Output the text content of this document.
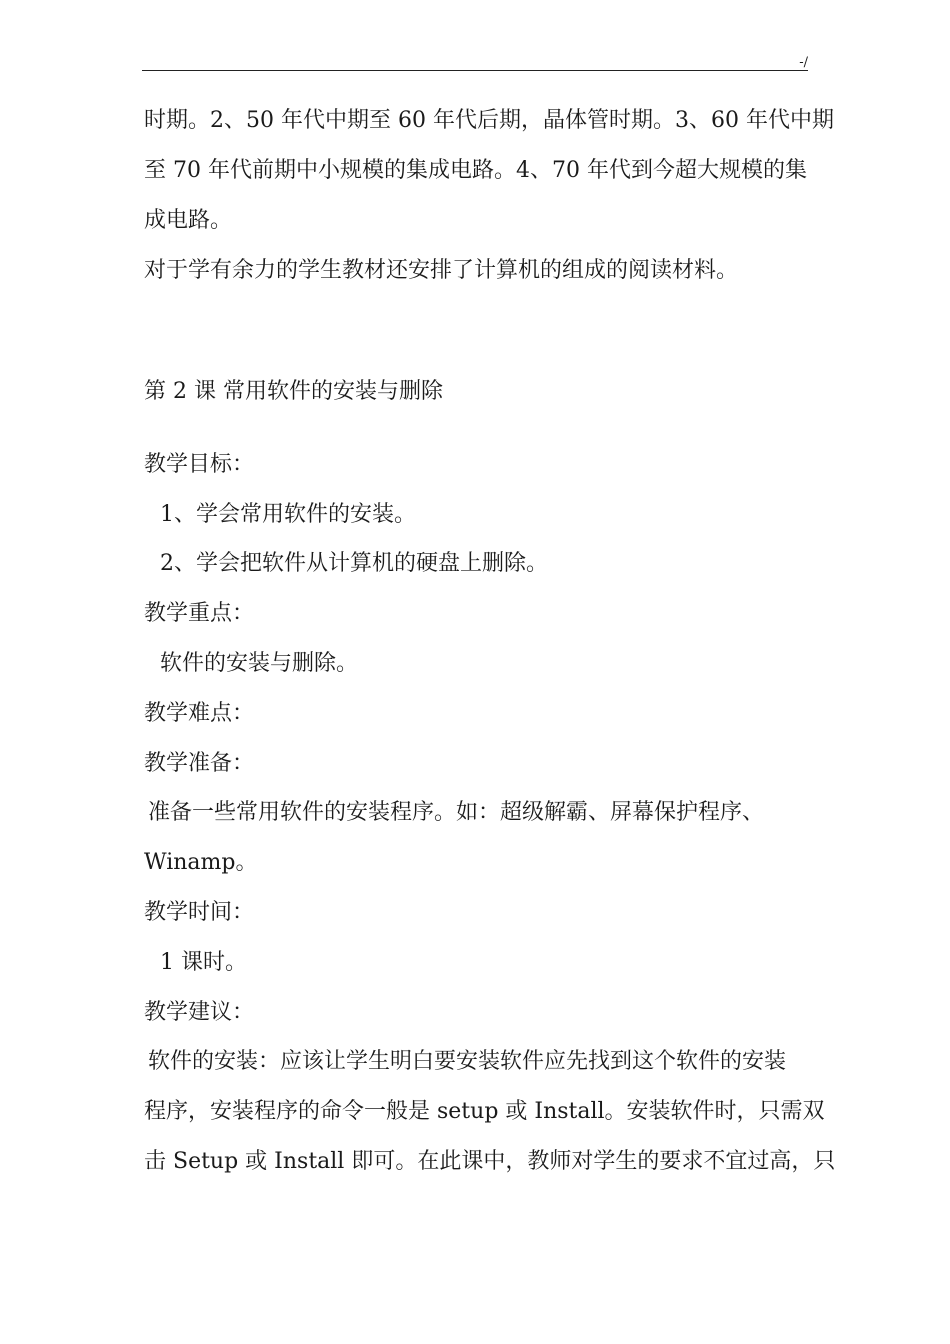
-/
时期。2、50 年代中期至 60 年代后期，晶体管时期。3、60 年代中期
至 70 年代前期中小规模的集成电路。4、70 年代到今超大规模的集
成电路。
对于学有余力的学生教材还安排了计算机的组成的阅读材料。
第 2 课 常用软件的安装与删除
教学目标：
1、学会常用软件的安装。
2、学会把软件从计算机的硬盘上删除。
教学重点：
软件的安装与删除。
教学难点：
教学准备：
准备一些常用软件的安装程序。如：超级解霸、屏幕保护程序、
Winamp。
教学时间：
1 课时。
教学建议：
软件的安装：应该让学生明白要安装软件应先找到这个软件的安装
程序，安装程序的命令一般是 setup 或 Install。安装软件时，只需双
击 Setup 或 Install 即可。在此课中，教师对学生的要求不宜过高，只
